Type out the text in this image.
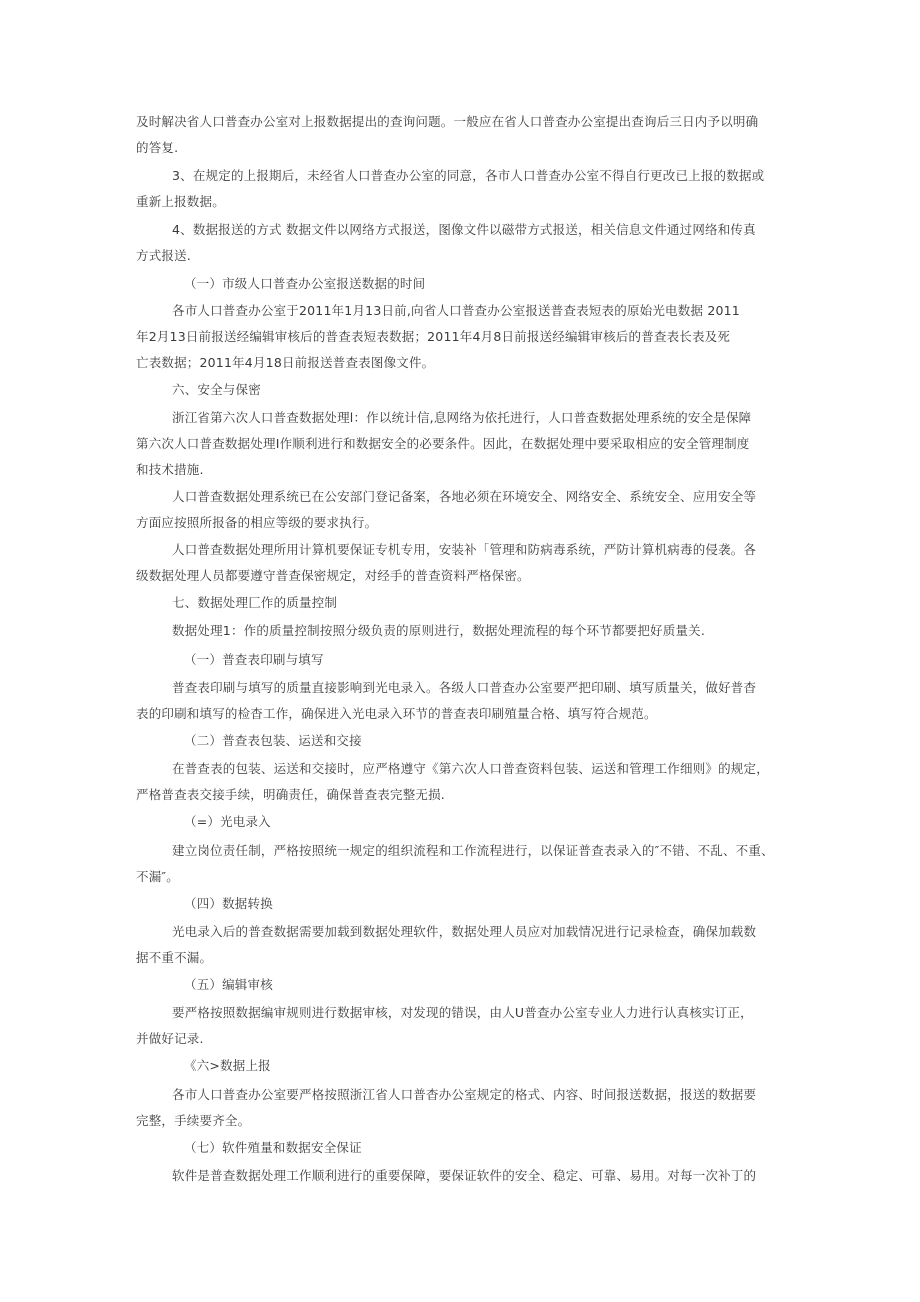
及时解决省人口普查办公室对上报数据提出的查询问题。一般应在省人口普查办公室提出查询后三日内予以明确
的答复.
3、在规定的上报期后，未经省人口普查办公室的同意，各市人口普查办公室不得自行更改已上报的数据或
重新上报数据。
4、数据报送的方式 数据文件以网络方式报送，图像文件以磁带方式报送，相关信息文件通过网络和传真
方式报送.
（一）市级人口普查办公室报送数据的时间
各市人口普查办公室于2011年1月13日前,向省人口普查办公室报送普查表短表的原始光电数据 2011
年2月13日前报送经编辑审核后的普查表短表数据；2011年4月8日前报送经编辑审核后的普查表长表及死
亡表数据；2011年4月18日前报送普查表图像文件。
六、安全与保密
浙江省第六次人口普查数据处理l：作以统计信,息网络为依托进行，人口普查数据处理系统的安全是保障
第六次人口普查数据处理Ⅰ作顺利进行和数据安全的必要条件。因此，在数据处理中要采取相应的安全管理制度
和技术措施.
人口普查数据处理系统已在公安部门登记备案，各地必须在环境安全、网络安全、系统安全、应用安全等
方面应按照所报备的相应等级的要求执行。
人口普查数据处理所用计算机要保证专机专用，安装补「管理和防病毒系统，严防计算机病毒的侵袭。各
级数据处理人员都要遵守普查保密规定，对经手的普查资料严格保密。
七、数据处理匚作的质量控制
数据处理1：作的质量控制按照分级负责的原则进行，数据处理流程的每个环节都要把好质量关.
（一）普查表印刷与填写
普查表印刷与填写的质量直接影响到光电录入。各级人口普查办公室要严把印刷、填写质量关，做好普杳
表的印刷和填写的检杳工作，确保进入光电录入环节的普查表印刷殖量合格、填写符合规范。
（二）普查表包装、运送和交接
在普查表的包装、运送和交接时，应严格遵守《第六次人口普查资料包装、运送和管理工作细则》的规定，
严格普查表交接手续，明确责任，确保普查表完整无损.
（=）光电录入
建立岗位责任制，严格按照统一规定的组织流程和工作流程进行，以保证普查表录入的″不错、不乱、不重、
不漏″。
（四）数据转换
光电录入后的普查数据需要加载到数据处理软件，数据处理人员应对加载情况进行记录检查，确保加载数
据不重不漏。
（五）编辑审核
要严格按照数据编审规则进行数据审核，对发现的错误，由人U普查办公室专业人力进行认真核实订正，
并做好记录.
《六>数据上报
各市人口普查办公室要严格按照浙江省人口普杳办公室规定的格式、内容、时间报送数据，报送的数据要
完整，手续要齐全。
（七）软件殖量和数据安全保证
软件是普查数据处理工作顺利进行的重要保障，要保证软件的安全、稳定、可靠、易用。对每一次补丁的
